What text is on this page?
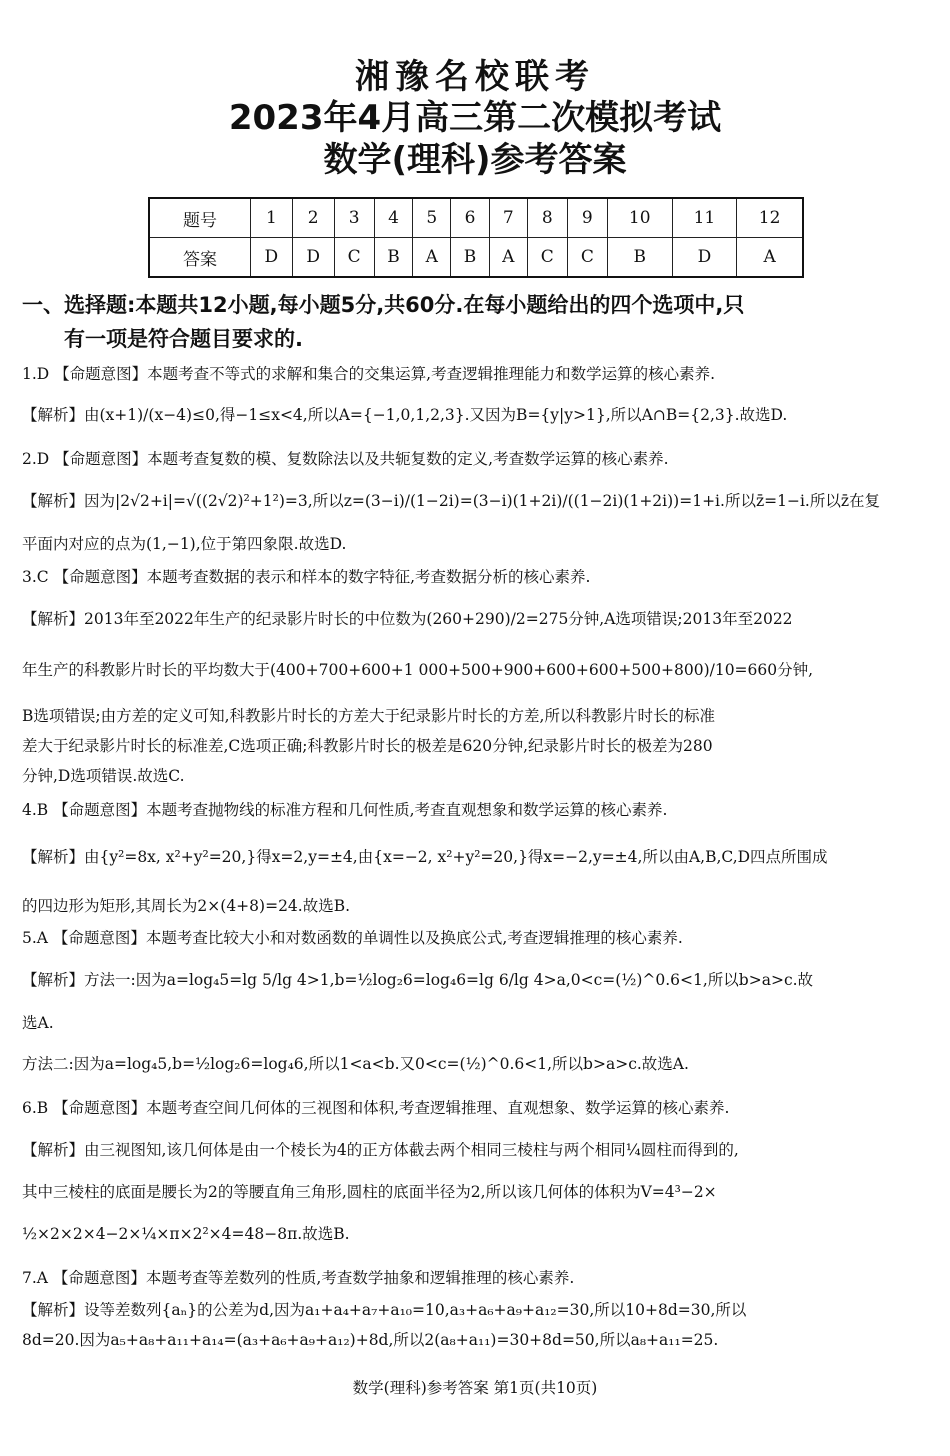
湘豫名校联考
2023年4月高三第二次模拟考试
数学(理科)参考答案
题号	1	2	3	4	5	6	7	8	9	10	11	12
答案	D	D	C	B	A	B	A	C	C	B	D	A
一、选择题:本题共12小题,每小题5分,共60分.在每小题给出的四个选项中,只
有一项是符合题目要求的.
1.D 【命题意图】本题考查不等式的求解和集合的交集运算,考查逻辑推理能力和数学运算的核心素养.
【解析】由(x+1)/(x−4)≤0,得−1≤x<4,所以A={−1,0,1,2,3}.又因为B={y|y>1},所以A∩B={2,3}.故选D.
2.D 【命题意图】本题考查复数的模、复数除法以及共轭复数的定义,考查数学运算的核心素养.
【解析】因为|2√2+i|=√((2√2)²+1²)=3,所以z=(3−i)/(1−2i)=(3−i)(1+2i)/((1−2i)(1+2i))=1+i.所以z̄=1−i.所以z̄在复
平面内对应的点为(1,−1),位于第四象限.故选D.
3.C 【命题意图】本题考查数据的表示和样本的数字特征,考查数据分析的核心素养.
【解析】2013年至2022年生产的纪录影片时长的中位数为(260+290)/2=275分钟,A选项错误;2013年至2022
年生产的科教影片时长的平均数大于(400+700+600+1 000+500+900+600+600+500+800)/10=660分钟,
B选项错误;由方差的定义可知,科教影片时长的方差大于纪录影片时长的方差,所以科教影片时长的标准
差大于纪录影片时长的标准差,C选项正确;科教影片时长的极差是620分钟,纪录影片时长的极差为280
分钟,D选项错误.故选C.
4.B 【命题意图】本题考查抛物线的标准方程和几何性质,考查直观想象和数学运算的核心素养.
【解析】由{y²=8x, x²+y²=20,}得x=2,y=±4,由{x=−2, x²+y²=20,}得x=−2,y=±4,所以由A,B,C,D四点所围成
的四边形为矩形,其周长为2×(4+8)=24.故选B.
5.A 【命题意图】本题考查比较大小和对数函数的单调性以及换底公式,考查逻辑推理的核心素养.
【解析】方法一:因为a=log₄5=lg 5/lg 4>1,b=½log₂6=log₄6=lg 6/lg 4>a,0<c=(½)^0.6<1,所以b>a>c.故
选A.
方法二:因为a=log₄5,b=½log₂6=log₄6,所以1<a<b.又0<c=(½)^0.6<1,所以b>a>c.故选A.
6.B 【命题意图】本题考查空间几何体的三视图和体积,考查逻辑推理、直观想象、数学运算的核心素养.
【解析】由三视图知,该几何体是由一个棱长为4的正方体截去两个相同三棱柱与两个相同¼圆柱而得到的,
其中三棱柱的底面是腰长为2的等腰直角三角形,圆柱的底面半径为2,所以该几何体的体积为V=4³−2×
½×2×2×4−2×¼×π×2²×4=48−8π.故选B.
7.A 【命题意图】本题考查等差数列的性质,考查数学抽象和逻辑推理的核心素养.
【解析】设等差数列{aₙ}的公差为d,因为a₁+a₄+a₇+a₁₀=10,a₃+a₆+a₉+a₁₂=30,所以10+8d=30,所以
8d=20.因为a₅+a₈+a₁₁+a₁₄=(a₃+a₆+a₉+a₁₂)+8d,所以2(a₈+a₁₁)=30+8d=50,所以a₈+a₁₁=25.
数学(理科)参考答案 第1页(共10页)
